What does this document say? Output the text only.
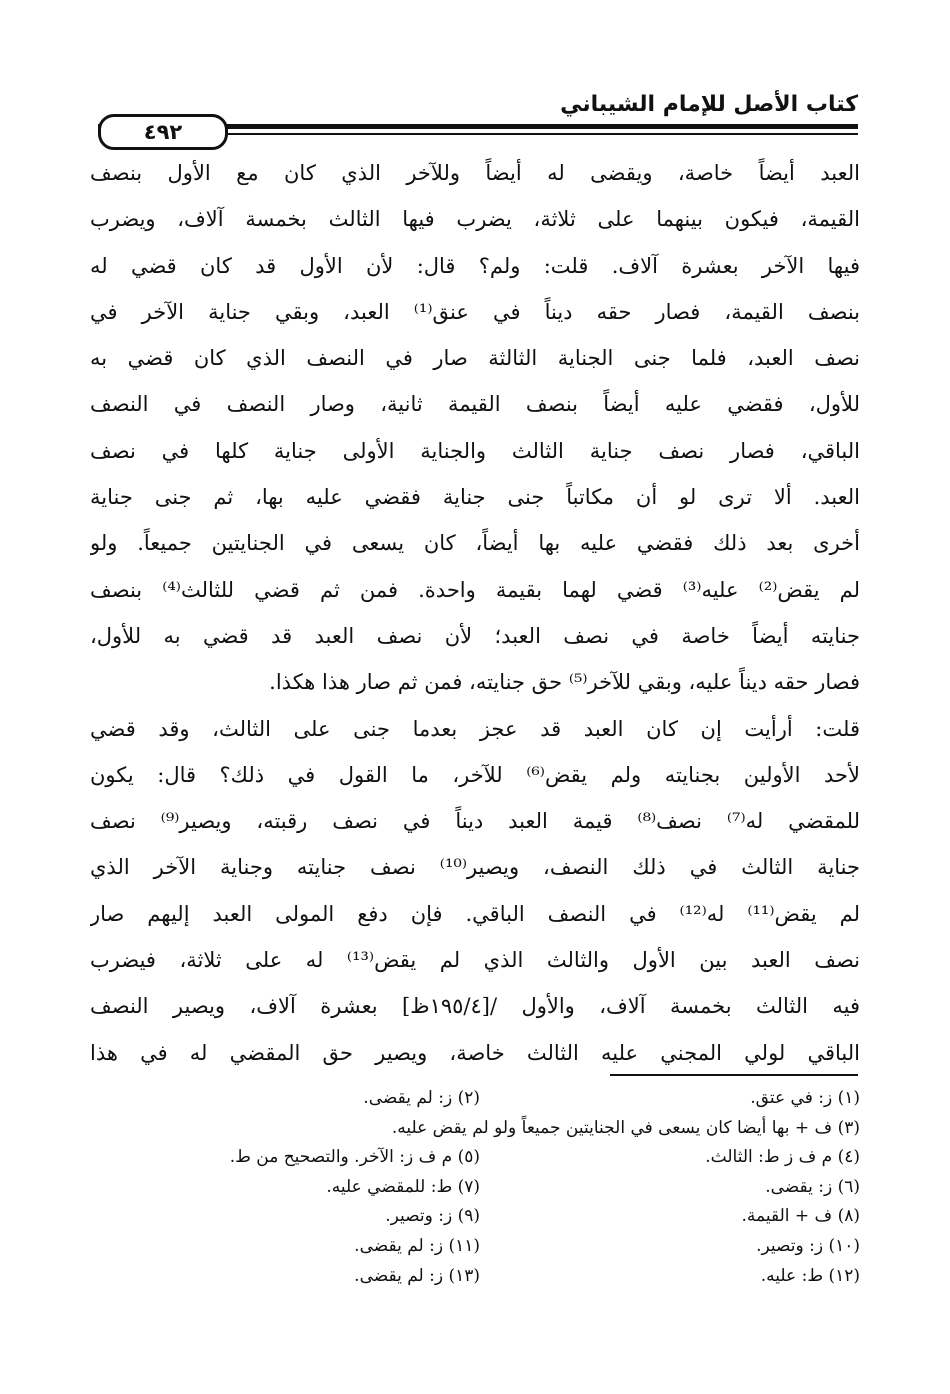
كتاب الأصل للإمام الشيباني
٤٩٢
العبد أيضاً خاصة، ويقضى له أيضاً وللآخر الذي كان مع الأول بنصف
القيمة، فيكون بينهما على ثلاثة، يضرب فيها الثالث بخمسة آلاف، ويضرب
فيها الآخر بعشرة آلاف. قلت: ولم؟ قال: لأن الأول قد كان قضي له
بنصف القيمة، فصار حقه ديناً في عنق⁽¹⁾ العبد، وبقي جناية الآخر في
نصف العبد، فلما جنى الجناية الثالثة صار في النصف الذي كان قضي به
للأول، فقضي عليه أيضاً بنصف القيمة ثانية، وصار النصف في النصف
الباقي، فصار نصف جناية الثالث والجناية الأولى جناية كلها في نصف
العبد. ألا ترى لو أن مكاتباً جنى جناية فقضي عليه بها، ثم جنى جناية
أخرى بعد ذلك فقضي عليه بها أيضاً، كان يسعى في الجنايتين جميعاً. ولو
لم يقض⁽²⁾ عليه⁽³⁾ قضي لهما بقيمة واحدة. فمن ثم قضي للثالث⁽⁴⁾ بنصف
جنايته أيضاً خاصة في نصف العبد؛ لأن نصف العبد قد قضي به للأول،
فصار حقه ديناً عليه، وبقي للآخر⁽⁵⁾ حق جنايته، فمن ثم صار هذا هكذا.
قلت: أرأيت إن كان العبد قد عجز بعدما جنى على الثالث، وقد قضي
لأحد الأولين بجنايته ولم يقض⁽⁶⁾ للآخر، ما القول في ذلك؟ قال: يكون
للمقضي له⁽⁷⁾ نصف⁽⁸⁾ قيمة العبد ديناً في نصف رقبته، ويصير⁽⁹⁾ نصف
جناية الثالث في ذلك النصف، ويصير⁽¹⁰⁾ نصف جنايته وجناية الآخر الذي
لم يقض⁽¹¹⁾ له⁽¹²⁾ في النصف الباقي. فإن دفع المولى العبد إليهم صار
نصف العبد بين الأول والثالث الذي لم يقض⁽¹³⁾ له على ثلاثة، فيضرب
فيه الثالث بخمسة آلاف، والأول /[١٩٥/٤ظ] بعشرة آلاف، ويصير النصف
الباقي لولي المجني عليه الثالث خاصة، ويصير حق المقضي له في هذا
(١) ز: في عتق.
(٢) ز: لم يقضى.
(٣) ف + بها أيضا كان يسعى في الجنايتين جميعاً ولو لم يقض عليه.
(٤) م ف ز ط: الثالث.
(٥) م ف ز: الآخر. والتصحيح من ط.
(٦) ز: يقضى.
(٧) ط: للمقضي عليه.
(٨) ف + القيمة.
(٩) ز: وتصير.
(١٠) ز: وتصير.
(١١) ز: لم يقضى.
(١٢) ط: عليه.
(١٣) ز: لم يقضى.
